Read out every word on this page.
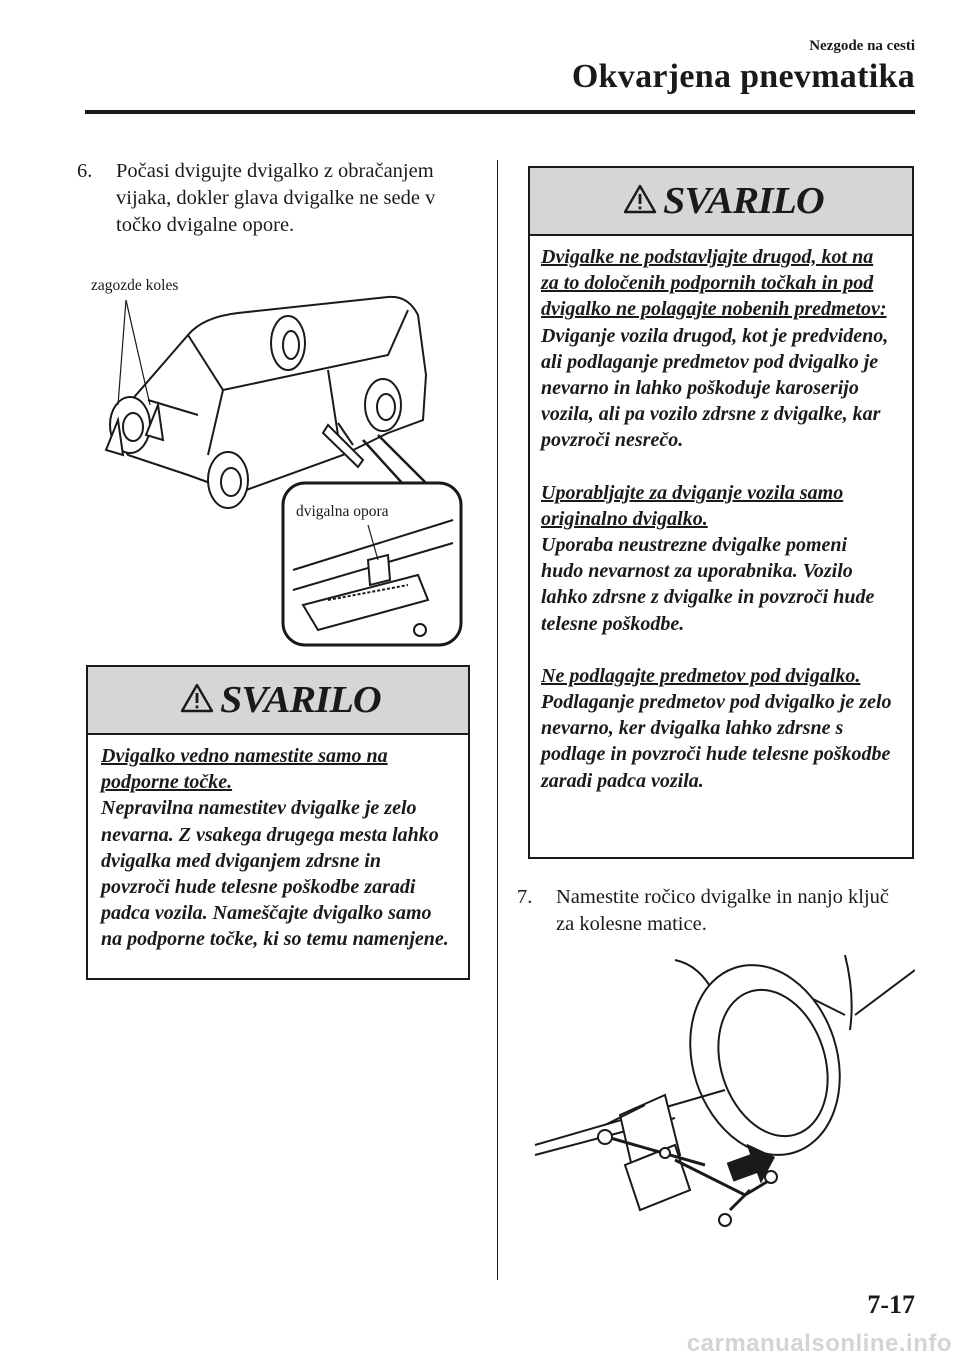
Nezgode na cesti
Okvarjena pnevmatika
6. Počasi dvigujte dvigalko z obračanjem vijaka, dokler glava dvigalke ne sede v točko dvigalne opore.
zagozde koles
dvigalna opora
SVARILO

Dvigalko vedno namestite samo na podporne točke.

Nepravilna namestitev dvigalke je zelo nevarna. Z vsakega drugega mesta lahko dvigalka med dviganjem zdrsne in povzroči hude telesne poškodbe zaradi padca vozila. Nameščajte dvigalko samo na podporne točke, ki so temu namenjene.

SVARILO

Dvigalke ne podstavljajte drugod, kot na za to določenih podpornih točkah in pod dvigalko ne polagajte nobenih predmetov:

Dviganje vozila drugod, kot je predvideno, ali podlaganje predmetov pod dvigalko je nevarno in lahko poškoduje karoserijo vozila, ali pa vozilo zdrsne z dvigalke, kar povzroči nesrečo.

Uporabljajte za dviganje vozila samo originalno dvigalko.

Uporaba neustrezne dvigalke pomeni hudo nevarnost za uporabnika. Vozilo lahko zdrsne z dvigalke in povzroči hude telesne poškodbe.

Ne podlagajte predmetov pod dvigalko.

Podlaganje predmetov pod dvigalko je zelo nevarno, ker dvigalka lahko zdrsne s podlage in povzroči hude telesne poškodbe zaradi padca vozila.

7. Namestite ročico dvigalke in nanjo ključ za kolesne matice.
7-17
carmanualsonline.info
